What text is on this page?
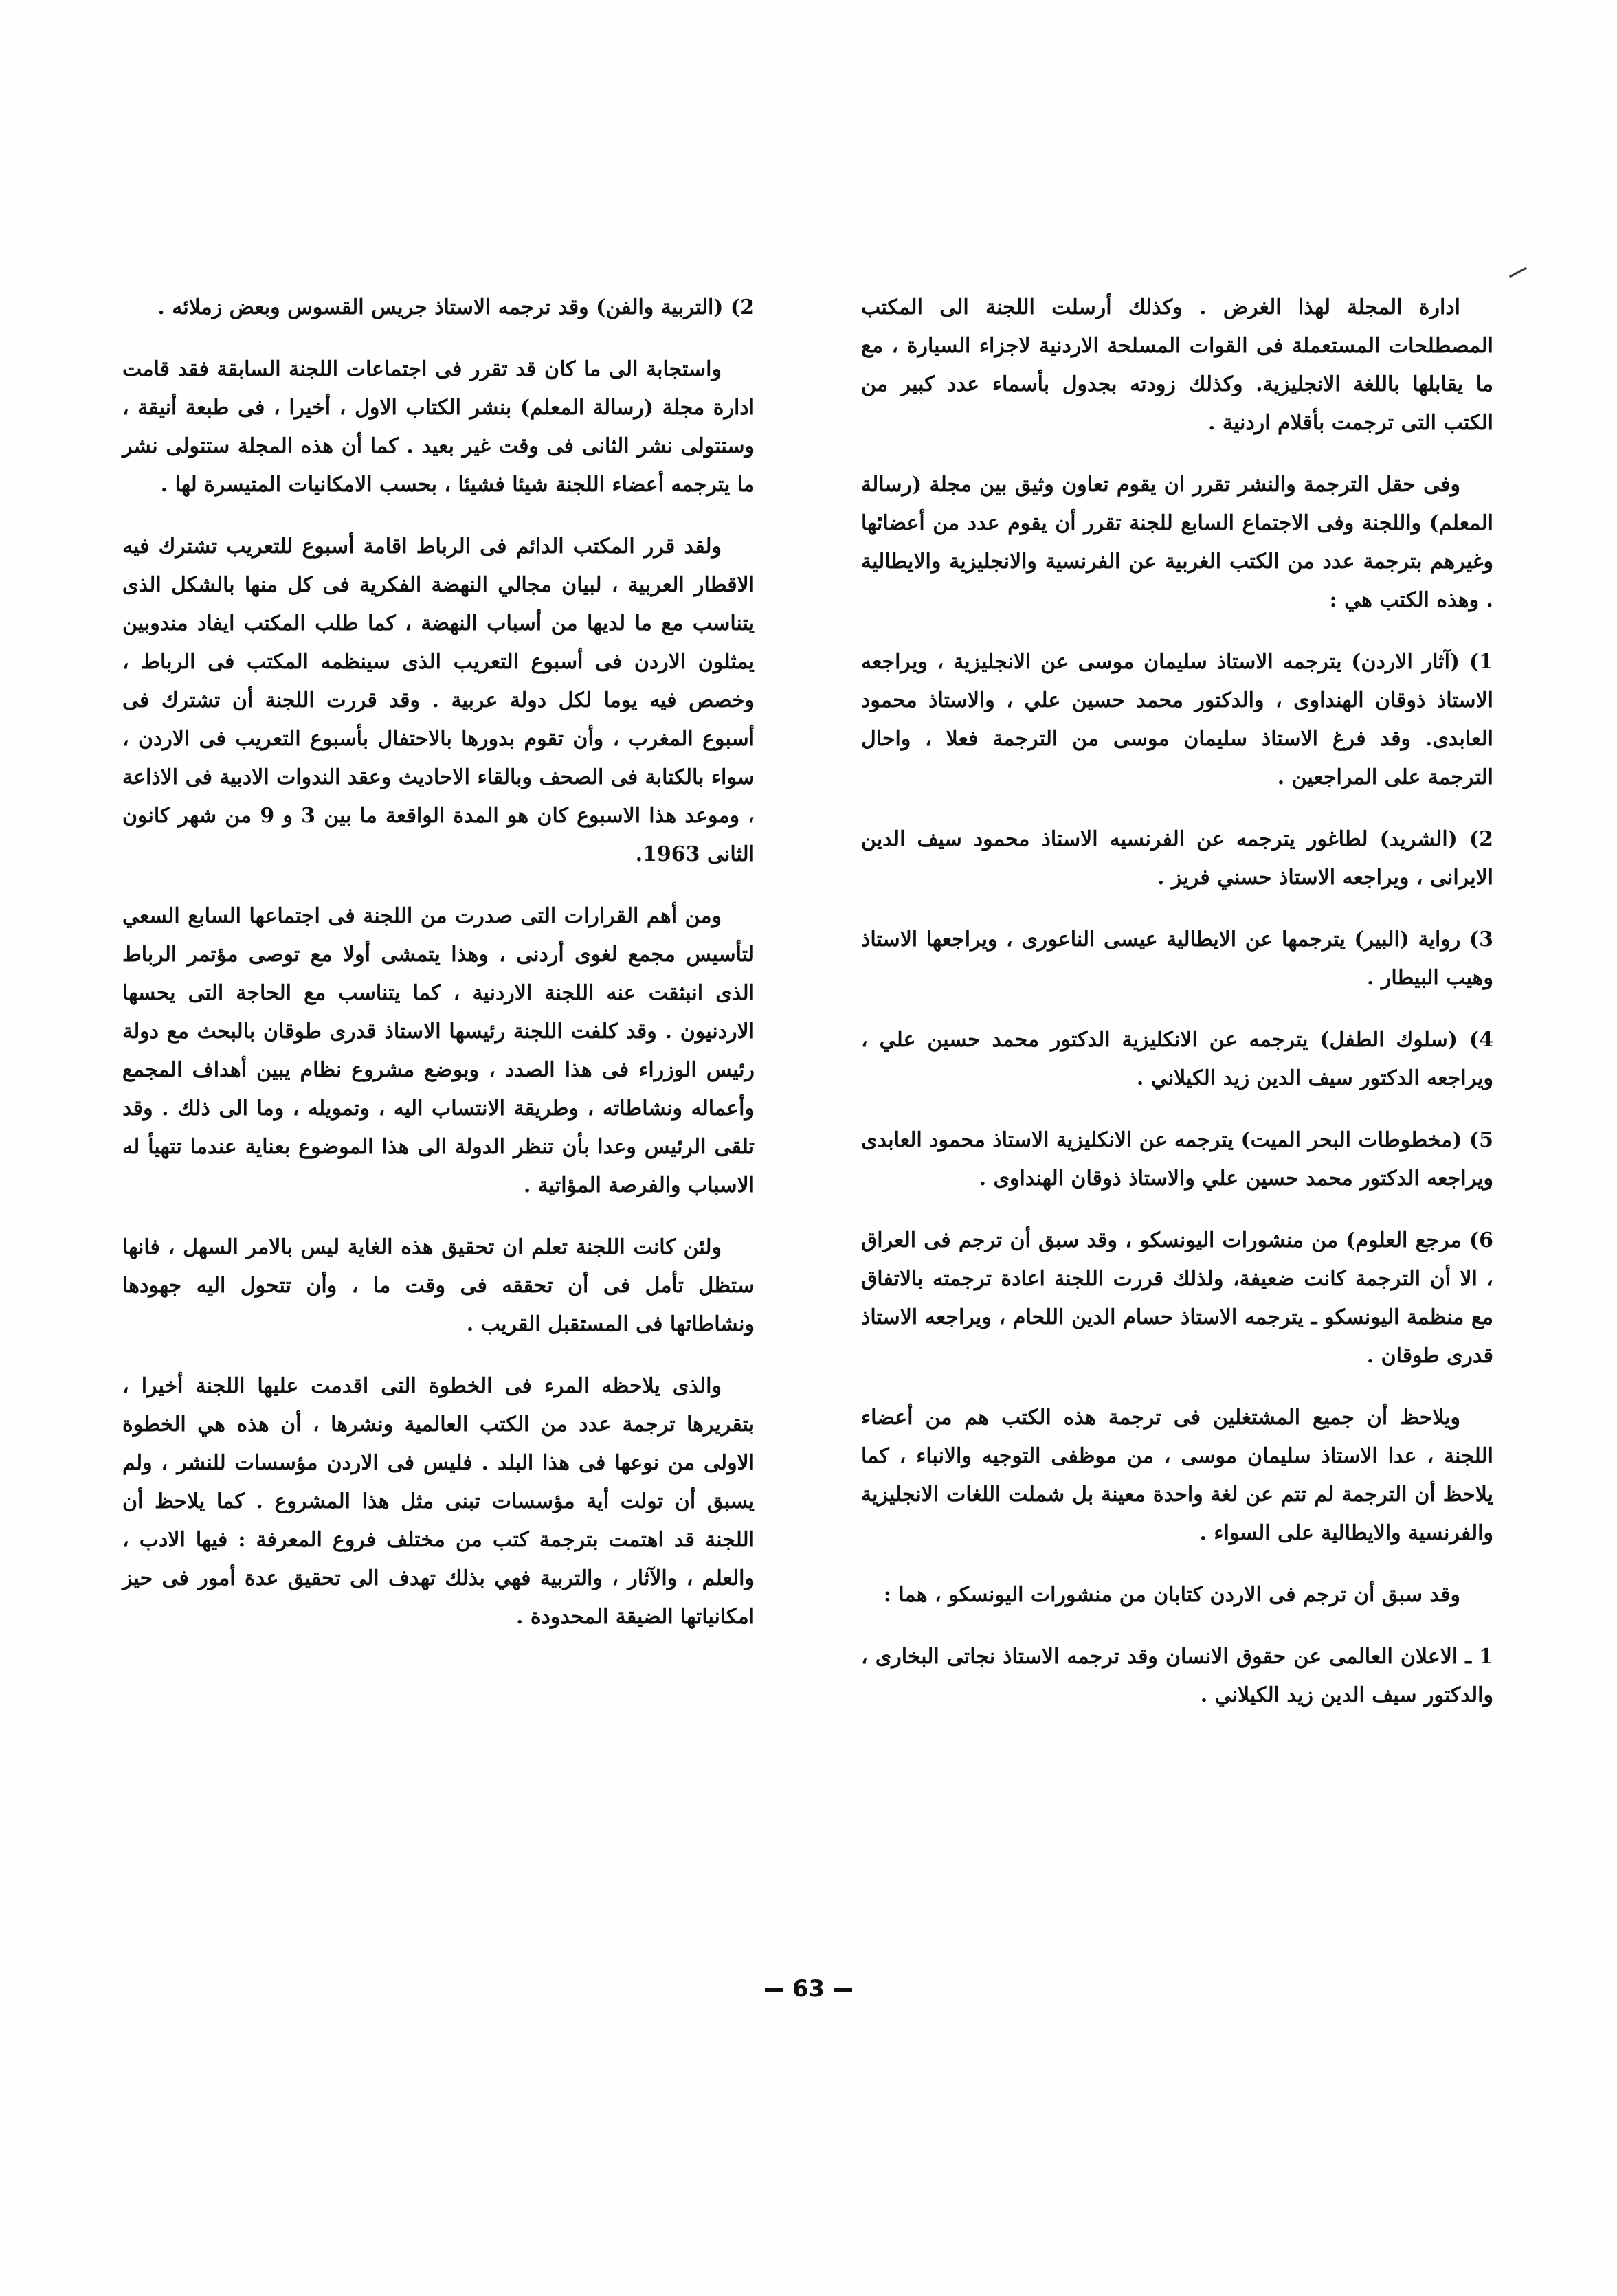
ادارة المجلة لهذا الغرض . وكذلك أرسلت اللجنة الى المكتب المصطلحات المستعملة فى القوات المسلحة الاردنية لاجزاء السيارة ، مع ما يقابلها باللغة الانجليزية. وكذلك زودته بجدول بأسماء عدد كبير من الكتب التى ترجمت بأقلام اردنية .

وفى حقل الترجمة والنشر تقرر ان يقوم تعاون وثيق بين مجلة (رسالة المعلم) واللجنة وفى الاجتماع السابع للجنة تقرر أن يقوم عدد من أعضائها وغيرهم بترجمة عدد من الكتب الغربية عن الفرنسية والانجليزية والايطالية . وهذه الكتب هي :

1) (آثار الاردن) يترجمه الاستاذ سليمان موسى عن الانجليزية ، ويراجعه الاستاذ ذوقان الهنداوى ، والدكتور محمد حسين علي ، والاستاذ محمود العابدى. وقد فرغ الاستاذ سليمان موسى من الترجمة فعلا ، واحال الترجمة على المراجعين .

2) (الشريد) لطاغور يترجمه عن الفرنسيه الاستاذ محمود سيف الدين الايرانى ، ويراجعه الاستاذ حسني فريز .

3) رواية (البير) يترجمها عن الايطالية عيسى الناعورى ، ويراجعها الاستاذ وهيب البيطار .

4) (سلوك الطفل) يترجمه عن الانكليزية الدكتور محمد حسين علي ، ويراجعه الدكتور سيف الدين زيد الكيلاني .

5) (مخطوطات البحر الميت) يترجمه عن الانكليزية الاستاذ محمود العابدى ويراجعه الدكتور محمد حسين علي والاستاذ ذوقان الهنداوى .

6) مرجع العلوم) من منشورات اليونسكو ، وقد سبق أن ترجم فى العراق ، الا أن الترجمة كانت ضعيفة، ولذلك قررت اللجنة اعادة ترجمته بالاتفاق مع منظمة اليونسكو ـ يترجمه الاستاذ حسام الدين اللحام ، ويراجعه الاستاذ قدرى طوقان .

ويلاحظ أن جميع المشتغلين فى ترجمة هذه الكتب هم من أعضاء اللجنة ، عدا الاستاذ سليمان موسى ، من موظفى التوجيه والانباء ، كما يلاحظ أن الترجمة لم تتم عن لغة واحدة معينة بل شملت اللغات الانجليزية والفرنسية والايطالية على السواء .

وقد سبق أن ترجم فى الاردن كتابان من منشورات اليونسكو ، هما :

1 ـ الاعلان العالمى عن حقوق الانسان وقد ترجمه الاستاذ نجاتى البخارى ، والدكتور سيف الدين زيد الكيلاني .

2) (التربية والفن) وقد ترجمه الاستاذ جريس القسوس وبعض زملائه .

واستجابة الى ما كان قد تقرر فى اجتماعات اللجنة السابقة فقد قامت ادارة مجلة (رسالة المعلم) بنشر الكتاب الاول ، أخيرا ، فى طبعة أنيقة ، وستتولى نشر الثانى فى وقت غير بعيد . كما أن هذه المجلة ستتولى نشر ما يترجمه أعضاء اللجنة شيئا فشيئا ، بحسب الامكانيات المتيسرة لها .

ولقد قرر المكتب الدائم فى الرباط اقامة أسبوع للتعريب تشترك فيه الاقطار العربية ، لبيان مجالي النهضة الفكرية فى كل منها بالشكل الذى يتناسب مع ما لديها من أسباب النهضة ، كما طلب المكتب ايفاد مندوبين يمثلون الاردن فى أسبوع التعريب الذى سينظمه المكتب فى الرباط ، وخصص فيه يوما لكل دولة عربية . وقد قررت اللجنة أن تشترك فى أسبوع المغرب ، وأن تقوم بدورها بالاحتفال بأسبوع التعريب فى الاردن ، سواء بالكتابة فى الصحف وبالقاء الاحاديث وعقد الندوات الادبية فى الاذاعة ، وموعد هذا الاسبوع كان هو المدة الواقعة ما بين 3 و 9 من شهر كانون الثانى 1963.

ومن أهم القرارات التى صدرت من اللجنة فى اجتماعها السابع السعي لتأسيس مجمع لغوى أردنى ، وهذا يتمشى أولا مع توصى مؤتمر الرباط الذى انبثقت عنه اللجنة الاردنية ، كما يتناسب مع الحاجة التى يحسها الاردنيون . وقد كلفت اللجنة رئيسها الاستاذ قدرى طوقان بالبحث مع دولة رئيس الوزراء فى هذا الصدد ، وبوضع مشروع نظام يبين أهداف المجمع وأعماله ونشاطاته ، وطريقة الانتساب اليه ، وتمويله ، وما الى ذلك . وقد تلقى الرئيس وعدا بأن تنظر الدولة الى هذا الموضوع بعناية عندما تتهيأ له الاسباب والفرصة المؤاتية .

ولئن كانت اللجنة تعلم ان تحقيق هذه الغاية ليس بالامر السهل ، فانها ستظل تأمل فى أن تحققه فى وقت ما ، وأن تتحول اليه جهودها ونشاطاتها فى المستقبل القريب .

والذى يلاحظه المرء فى الخطوة التى اقدمت عليها اللجنة أخيرا ، بتقريرها ترجمة عدد من الكتب العالمية ونشرها ، أن هذه هي الخطوة الاولى من نوعها فى هذا البلد . فليس فى الاردن مؤسسات للنشر ، ولم يسبق أن تولت أية مؤسسات تبنى مثل هذا المشروع . كما يلاحظ أن اللجنة قد اهتمت بترجمة كتب من مختلف فروع المعرفة : فيها الادب ، والعلم ، والآثار ، والتربية فهي بذلك تهدف الى تحقيق عدة أمور فى حيز امكانياتها الضيقة المحدودة .

63
